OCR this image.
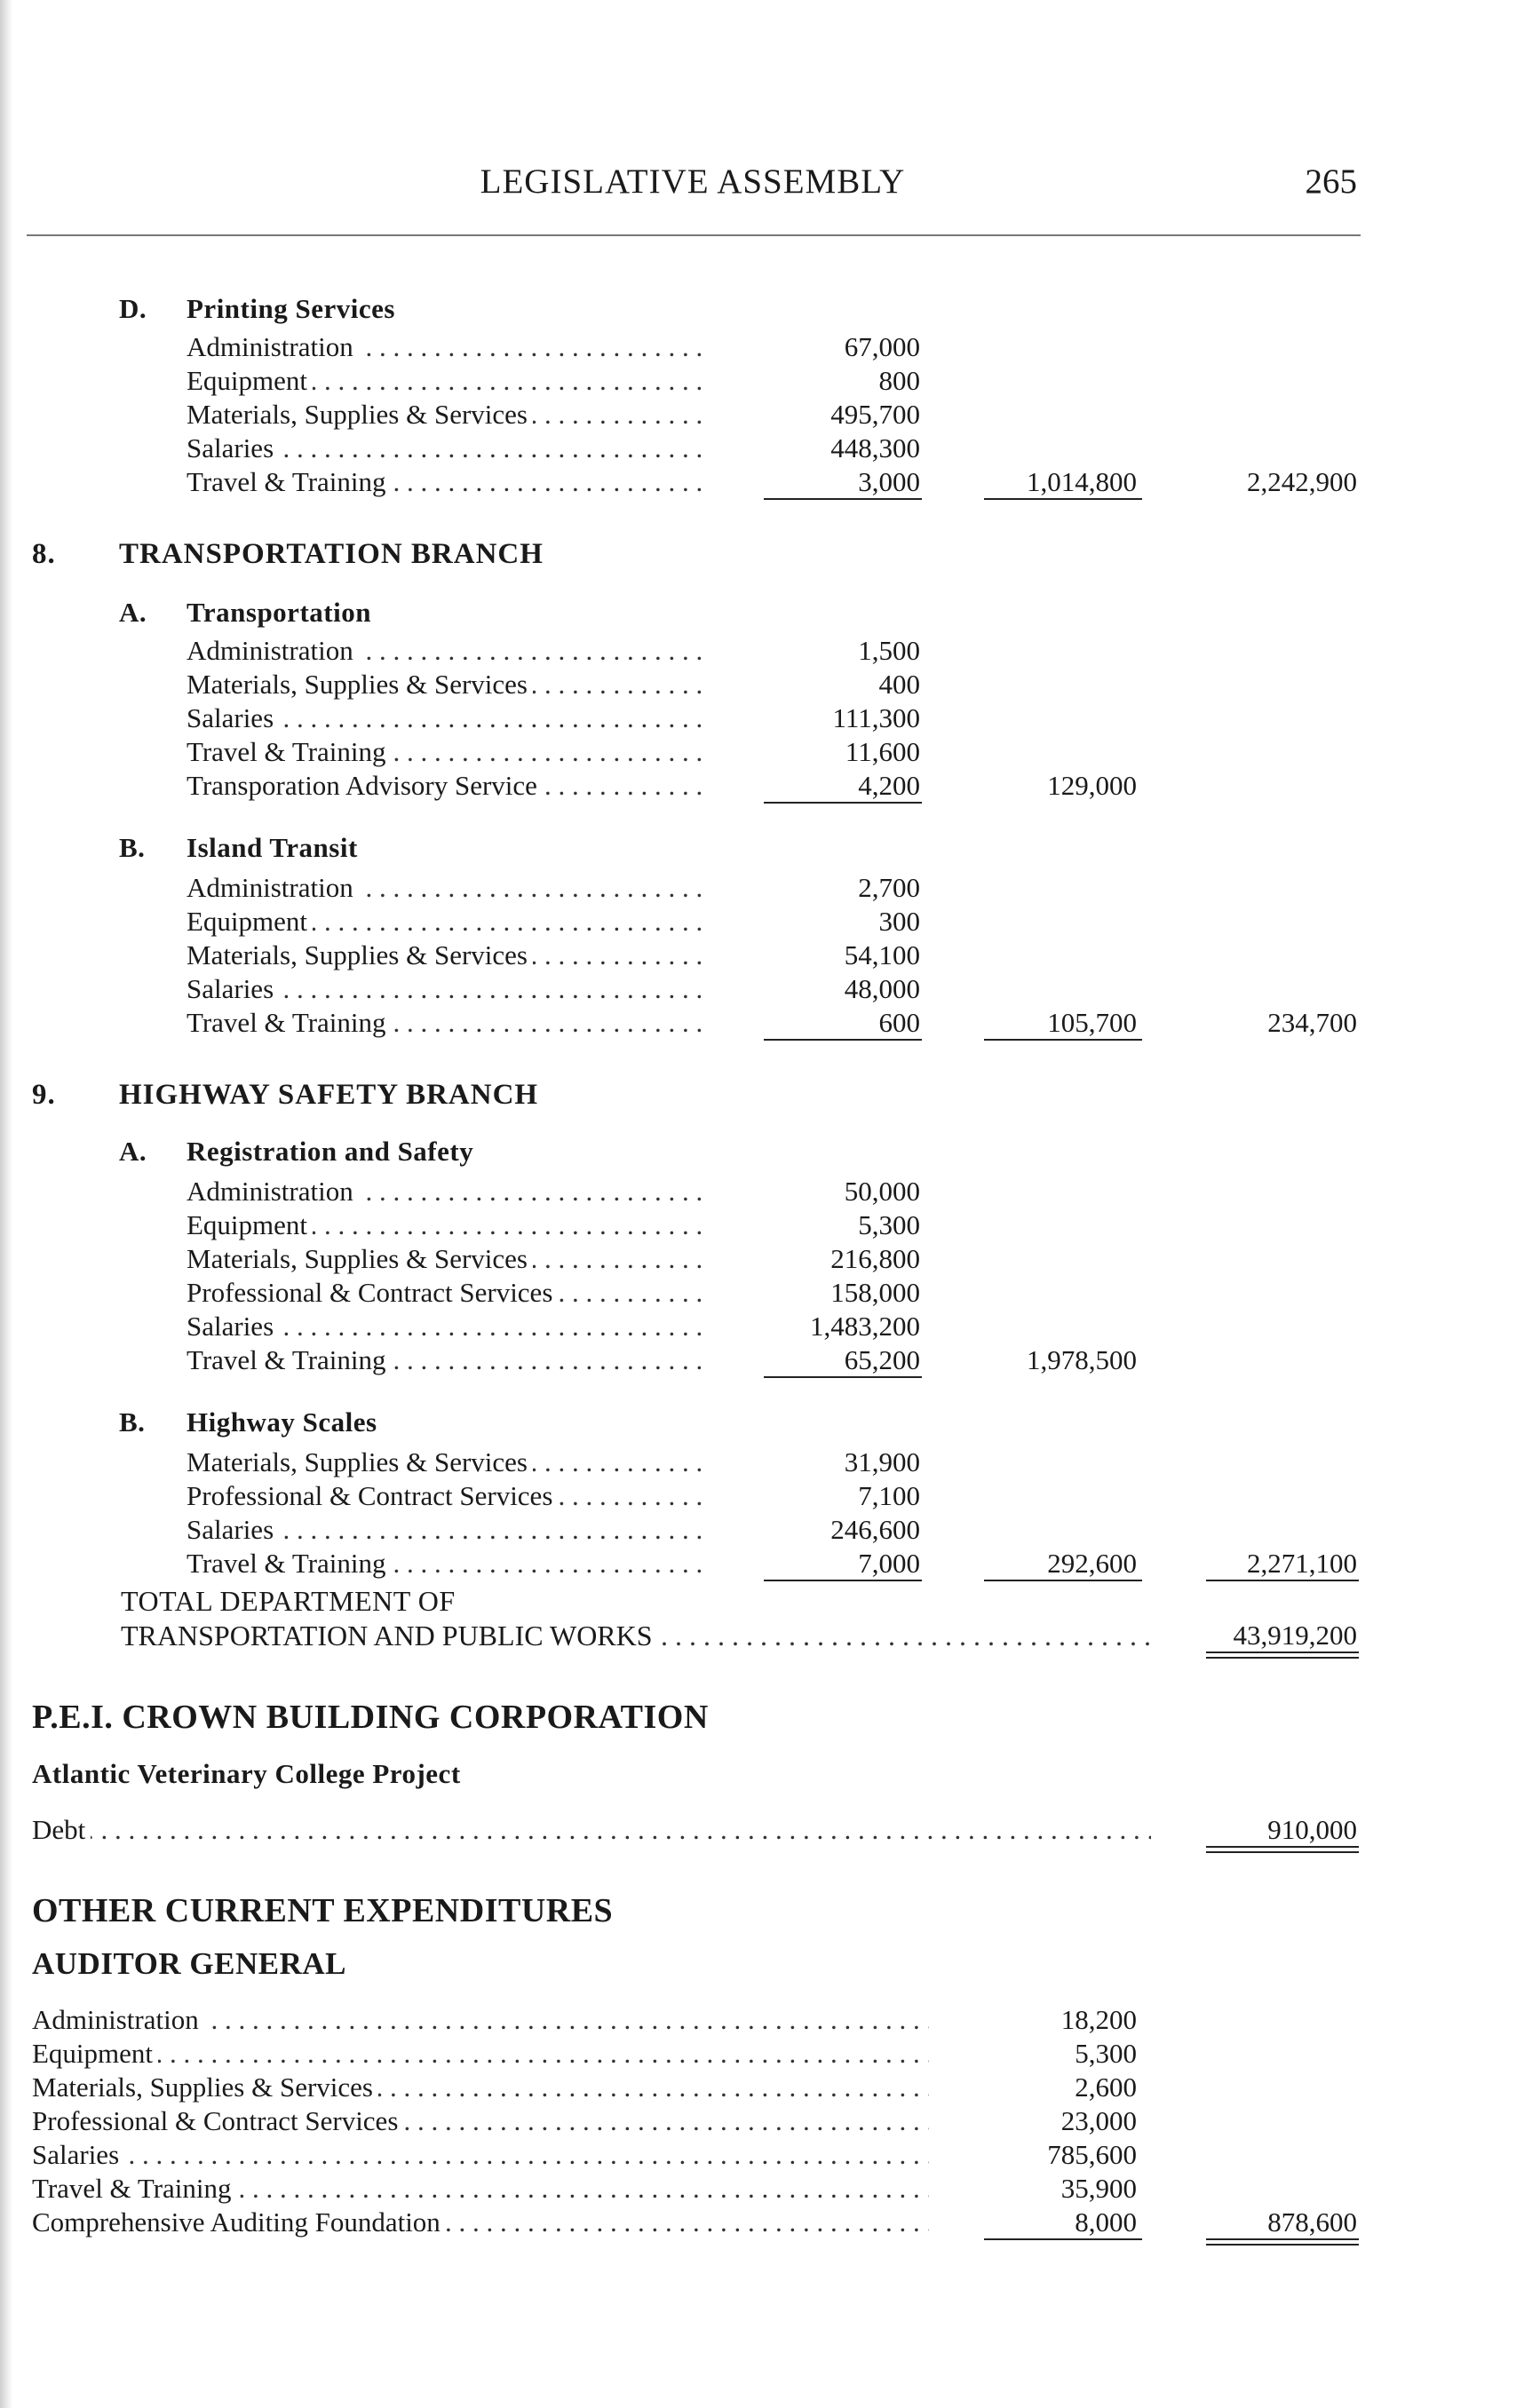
LEGISLATIVE ASSEMBLY	265
D. Printing Services
Administration . . .	67,000
Equipment . . .	800
Materials, Supplies & Services . . .	495,700
Salaries . . .	448,300
Travel & Training . . .	3,000	1,014,800	2,242,900
8. TRANSPORTATION BRANCH
A. Transportation
Administration . . .	1,500
Materials, Supplies & Services . . .	400
Salaries . . .	111,300
Travel & Training . . .	11,600
Transporation Advisory Service . . .	4,200	129,000
B. Island Transit
Administration . . .	2,700
Equipment . . .	300
Materials, Supplies & Services . . .	54,100
Salaries . . .	48,000
Travel & Training . . .	600	105,700	234,700
9. HIGHWAY SAFETY BRANCH
A. Registration and Safety
Administration . . .	50,000
Equipment . . .	5,300
Materials, Supplies & Services . . .	216,800
Professional & Contract Services . . .	158,000
Salaries . . .	1,483,200
Travel & Training . . .	65,200	1,978,500
B. Highway Scales
Materials, Supplies & Services . . .	31,900
Professional & Contract Services . . .	7,100
Salaries . . .	246,600
Travel & Training . . .	7,000	292,600	2,271,100
TOTAL DEPARTMENT OF
TRANSPORTATION AND PUBLIC WORKS . . .	43,919,200
P.E.I. CROWN BUILDING CORPORATION
Atlantic Veterinary College Project
Debt . . .	910,000
OTHER CURRENT EXPENDITURES
AUDITOR GENERAL
Administration . . .	18,200
Equipment . . .	5,300
Materials, Supplies & Services . . .	2,600
Professional & Contract Services . . .	23,000
Salaries . . .	785,600
Travel & Training . . .	35,900
Comprehensive Auditing Foundation . . .	8,000	878,600
